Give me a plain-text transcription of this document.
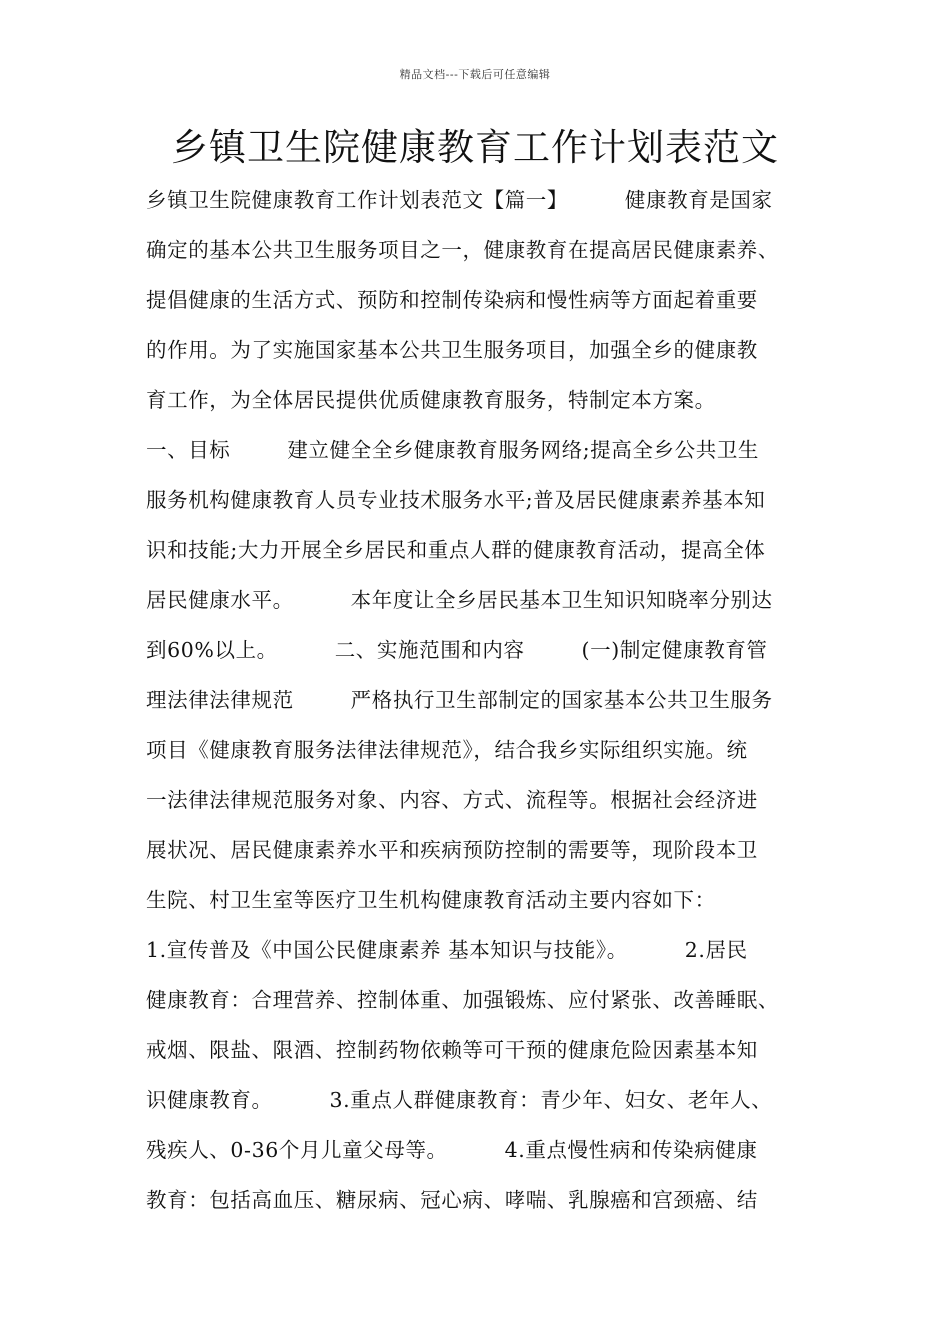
精品文档---下载后可任意编辑
乡镇卫生院健康教育工作计划表范文
乡镇卫生院健康教育工作计划表范文【篇一】        健康教育是国家
确定的基本公共卫生服务项目之一，健康教育在提高居民健康素养、
提倡健康的生活方式、预防和控制传染病和慢性病等方面起着重要
的作用。为了实施国家基本公共卫生服务项目，加强全乡的健康教
育工作，为全体居民提供优质健康教育服务，特制定本方案。
一、目标        建立健全全乡健康教育服务网络;提高全乡公共卫生
服务机构健康教育人员专业技术服务水平;普及居民健康素养基本知
识和技能;大力开展全乡居民和重点人群的健康教育活动，提高全体
居民健康水平。        本年度让全乡居民基本卫生知识知晓率分别达
到60%以上。        二、实施范围和内容        (一)制定健康教育管
理法律法律规范        严格执行卫生部制定的国家基本公共卫生服务
项目《健康教育服务法律法律规范》，结合我乡实际组织实施。统
一法律法律规范服务对象、内容、方式、流程等。根据社会经济进
展状况、居民健康素养水平和疾病预防控制的需要等，现阶段本卫
生院、村卫生室等医疗卫生机构健康教育活动主要内容如下：
1.宣传普及《中国公民健康素养 基本知识与技能》。        2.居民
健康教育：合理营养、控制体重、加强锻炼、应付紧张、改善睡眠、
戒烟、限盐、限酒、控制药物依赖等可干预的健康危险因素基本知
识健康教育。        3.重点人群健康教育：青少年、妇女、老年人、
残疾人、0-36个月儿童父母等。        4.重点慢性病和传染病健康
教育：包括高血压、糖尿病、冠心病、哮喘、乳腺癌和宫颈癌、结
